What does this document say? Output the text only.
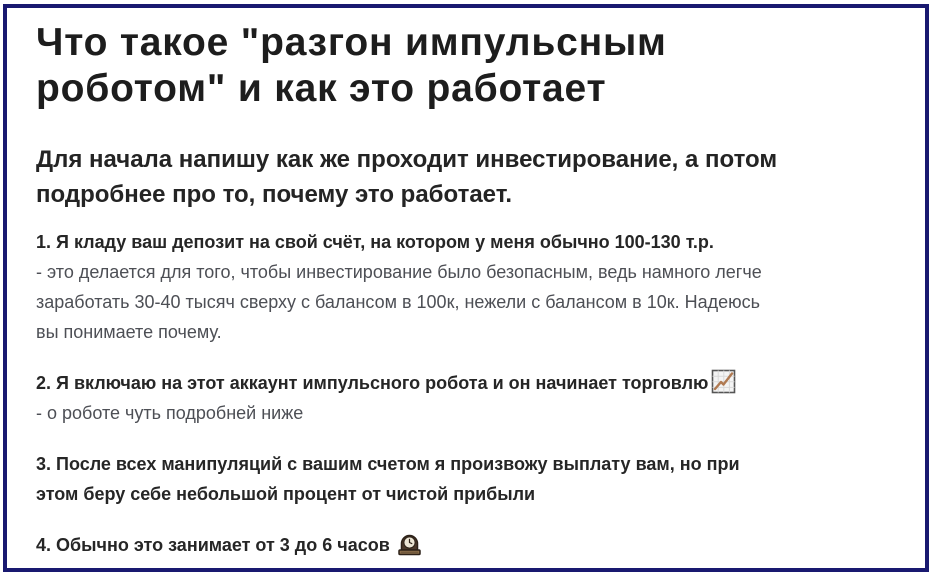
Что такое "разгон импульсным
роботом" и как это работает
Для начала напишу как же проходит инвестирование, а потом
подробнее про то, почему это работает.

1. Я кладу ваш депозит на свой счёт, на котором у меня обычно 100-130 т.р.
- это делается для того, чтобы инвестирование было безопасным, ведь намного легче
заработать 30-40 тысяч сверху с балансом в 100к, нежели с балансом в 10к. Надеюсь
вы понимаете почему.

2. Я включаю на этот аккаунт импульсного робота и он начинает торговлю
- о роботе чуть подробней ниже

3. После всех манипуляций с вашим счетом я произвожу выплату вам, но при
этом беру себе небольшой процент от чистой прибыли

4. Обычно это занимает от 3 до 6 часов
